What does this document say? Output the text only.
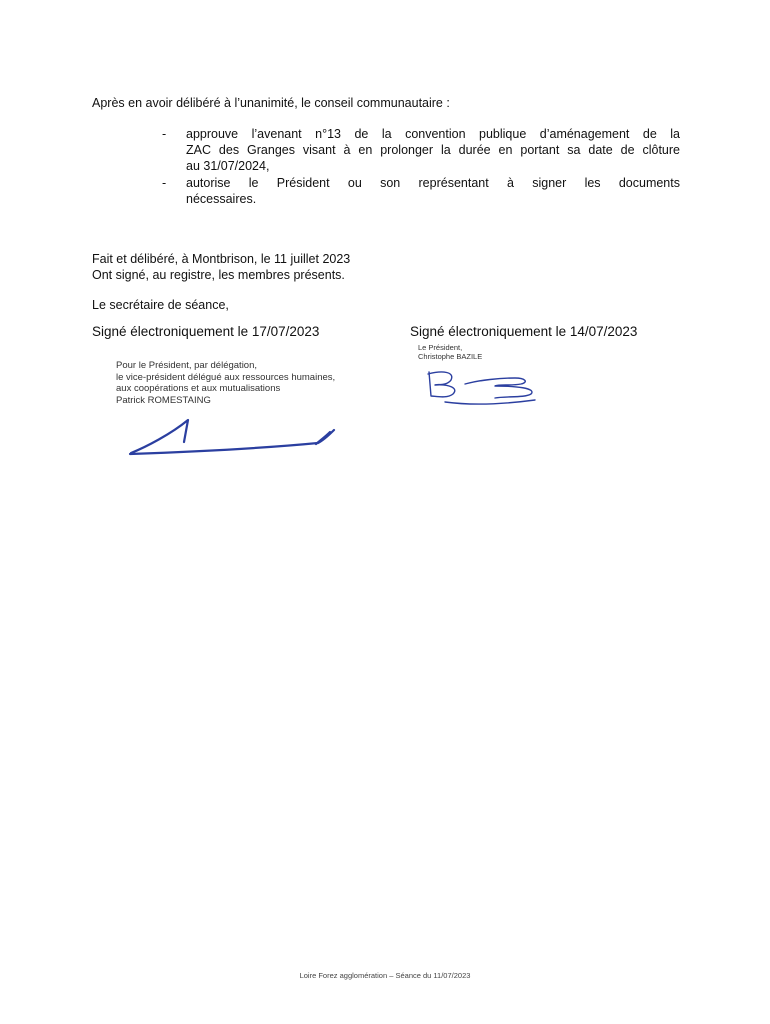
Après en avoir délibéré à l’unanimité, le conseil communautaire :
- approuve l’avenant n°13 de la convention publique d’aménagement de la
ZAC des Granges visant à en prolonger la durée en portant sa date de clôture
au 31/07/2024,
- autorise le Président ou son représentant à signer les documents
nécessaires.
Fait et délibéré, à Montbrison, le 11 juillet 2023
Ont signé, au registre, les membres présents.
Le secrétaire de séance,
Signé électroniquement le 17/07/2023	Signé électroniquement le 14/07/2023
Pour le Président, par délégation,
le vice-président délégué aux ressources humaines,
aux coopérations et aux mutualisations
Patrick ROMESTAING
Le Président,
Christophe BAZILE
Loire Forez agglomération – Séance du 11/07/2023
